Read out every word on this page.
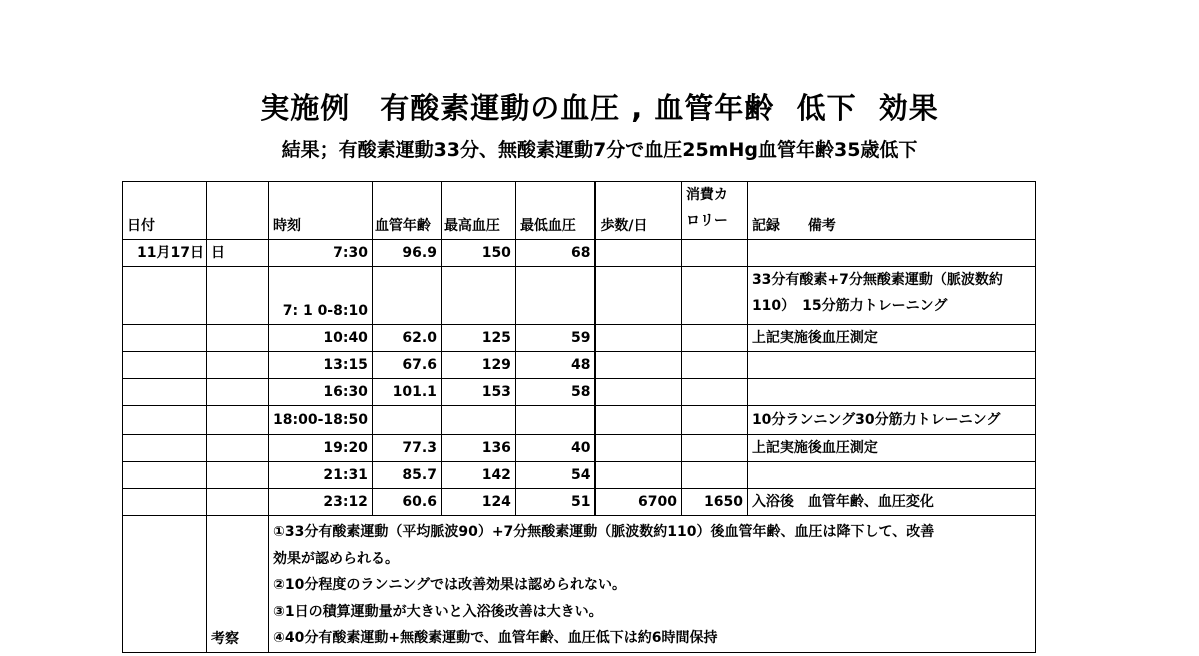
実施例　有酸素運動の血圧 , 血管年齢  低下  効果
結果；有酸素運動33分、無酸素運動7分で血圧25mHg血管年齢35歳低下
日付		時刻	血管年齢	最高血圧	最低血圧	歩数/日	消費カ
ロリー	記録　　備考
11月17日	日	7:30	96.9	150	68			
		7: 1 0-8:10						33分有酸素+7分無酸素運動（脈波数約
110）　15分筋力トレーニング
		10:40	62.0	125	59			上記実施後血圧測定
		13:15	67.6	129	48			
		16:30	101.1	153	58			
		18:00-18:50						10分ランニング30分筋力トレーニング
		19:20	77.3	136	40			上記実施後血圧測定
		21:31	85.7	142	54			
		23:12	60.6	124	51	6700	1650	入浴後　血管年齢、血圧変化
	考察	①33分有酸素運動（平均脈波90）+7分無酸素運動（脈波数約110）後血管年齢、血圧は降下して、改善
効果が認められる。
②10分程度のランニングでは改善効果は認められない。
③1日の積算運動量が大きいと入浴後改善は大きい。
④40分有酸素運動+無酸素運動で、血管年齢、血圧低下は約6時間保持						
